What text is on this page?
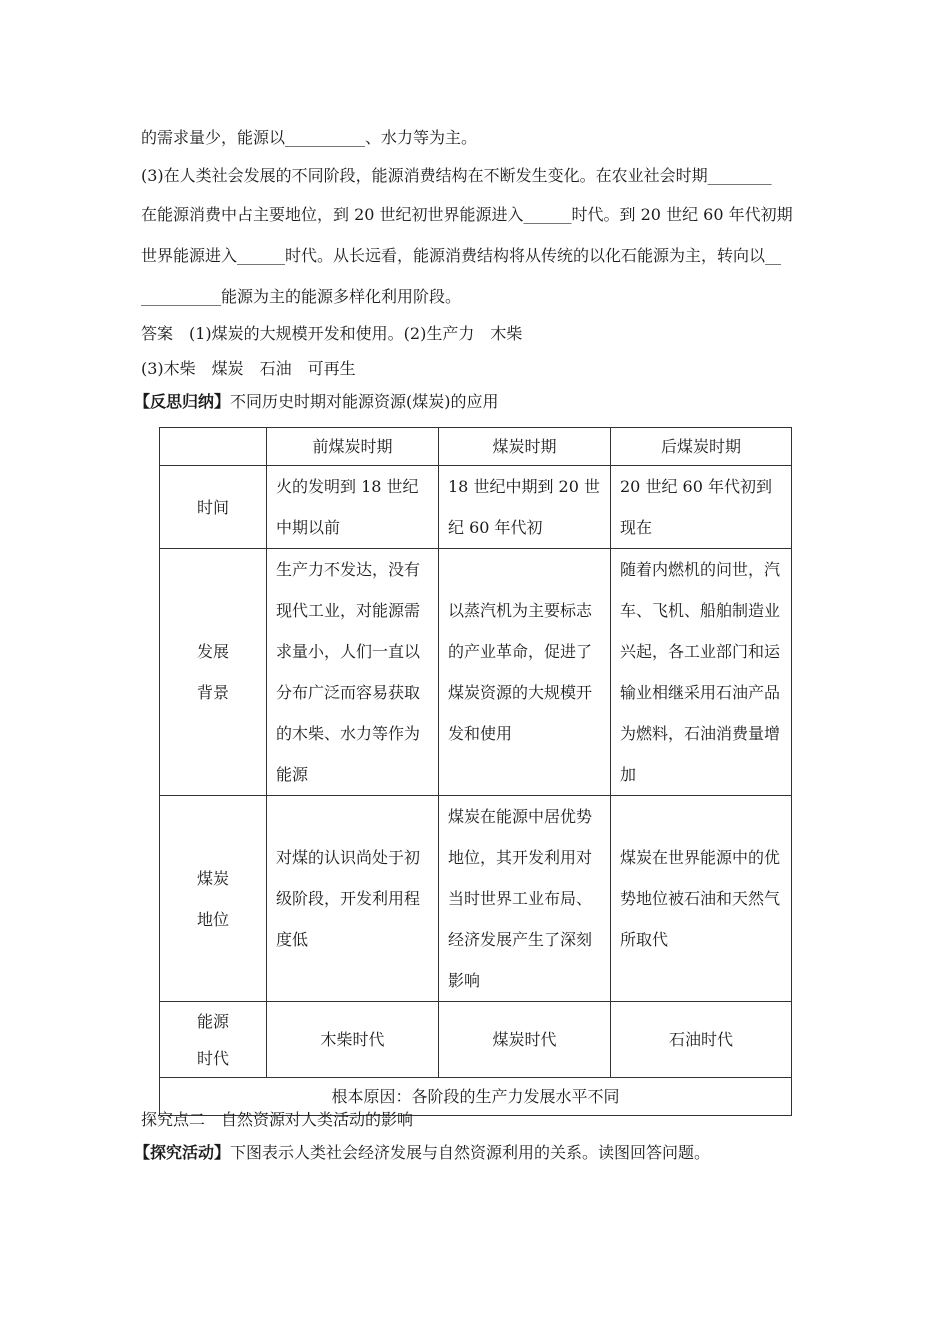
的需求量少，能源以__________、水力等为主。
(3)在人类社会发展的不同阶段，能源消费结构在不断发生变化。在农业社会时期________
在能源消费中占主要地位，到 20 世纪初世界能源进入______时代。到 20 世纪 60 年代初期
世界能源进入______时代。从长远看，能源消费结构将从传统的以化石能源为主，转向以__
__________能源为主的能源多样化利用阶段。
答案　(1)煤炭的大规模开发和使用。(2)生产力　木柴
(3)木柴　煤炭　石油　可再生
【反思归纳】不同历史时期对能源资源(煤炭)的应用
	前煤炭时期	煤炭时期	后煤炭时期
时间	火的发明到 18 世纪中期以前	18 世纪中期到 20 世纪 60 年代初	20 世纪 60 年代初到现在

发展
背景	生产力不发达，没有现代工业，对能源需求量小，人们一直以分布广泛而容易获取的木柴、水力等作为能源	以蒸汽机为主要标志的产业革命，促进了煤炭资源的大规模开发和使用	随着内燃机的问世，汽车、飞机、船舶制造业兴起，各工业部门和运输业相继采用石油产品为燃料，石油消费量增加

煤炭
地位	对煤的认识尚处于初级阶段，开发利用程度低	煤炭在能源中居优势地位，其开发利用对当时世界工业布局、经济发展产生了深刻影响	煤炭在世界能源中的优势地位被石油和天然气所取代

能源
时代	木柴时代	煤炭时代	石油时代
根本原因：各阶段的生产力发展水平不同			
探究点二　自然资源对人类活动的影响
【探究活动】下图表示人类社会经济发展与自然资源利用的关系。读图回答问题。
